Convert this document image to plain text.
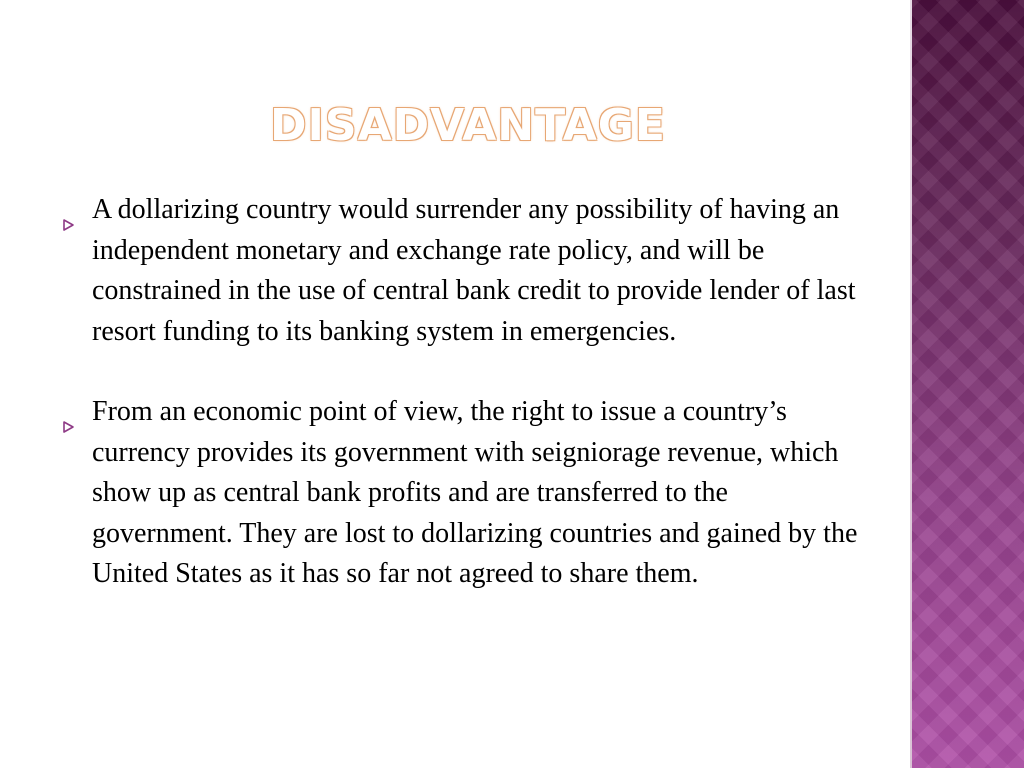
DISADVANTAGE
A dollarizing country would surrender any possibility of having an independent monetary and exchange rate policy, and will be constrained in the use of central bank credit to provide lender of last resort funding to its banking system in emergencies.
From an economic point of view, the right to issue a country’s currency provides its government with seigniorage revenue, which show up as central bank profits and are transferred to the government. They are lost to dollarizing countries and gained by the United States as it has so far not agreed to share them.
